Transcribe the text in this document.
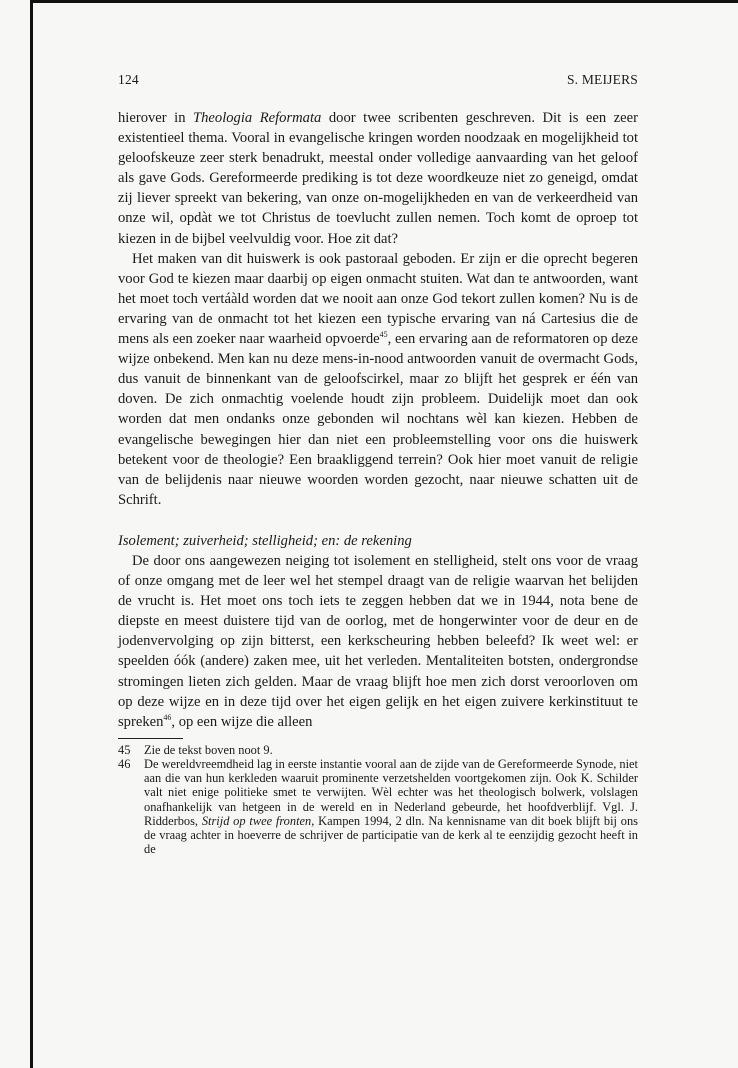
124	S. MEIJERS

hierover in Theologia Reformata door twee scribenten geschreven. Dit is een zeer existentieel thema. Vooral in evangelische kringen worden noodzaak en mogelijkheid tot geloofskeuze zeer sterk benadrukt, meestal onder volledige aanvaarding van het geloof als gave Gods. Gereformeerde prediking is tot deze woordkeuze niet zo geneigd, omdat zij liever spreekt van bekering, van onze on-mogelijkheden en van de verkeerdheid van onze wil, opdàt we tot Christus de toevlucht zullen nemen. Toch komt de oproep tot kiezen in de bijbel veelvuldig voor. Hoe zit dat?

Het maken van dit huiswerk is ook pastoraal geboden. Er zijn er die oprecht begeren voor God te kiezen maar daarbij op eigen onmacht stuiten. Wat dan te antwoorden, want het moet toch vertáàld worden dat we nooit aan onze God tekort zullen komen? Nu is de ervaring van de onmacht tot het kiezen een typische ervaring van ná Cartesius die de mens als een zoeker naar waarheid opvoerde$^{45}$, een ervaring aan de reformatoren op deze wijze onbekend. Men kan nu deze mens-in-nood antwoorden vanuit de overmacht Gods, dus vanuit de binnenkant van de geloofscirkel, maar zo blijft het gesprek er één van doven. De zich onmachtig voelende houdt zijn probleem. Duidelijk moet dan ook worden dat men ondanks onze gebonden wil nochtans wèl kan kiezen. Hebben de evangelische bewegingen hier dan niet een probleemstelling voor ons die huiswerk betekent voor de theologie? Een braakliggend terrein? Ook hier moet vanuit de religie van de belijdenis naar nieuwe woorden worden gezocht, naar nieuwe schatten uit de Schrift.

Isolement; zuiverheid; stelligheid; en: de rekening

De door ons aangewezen neiging tot isolement en stelligheid, stelt ons voor de vraag of onze omgang met de leer wel het stempel draagt van de religie waarvan het belijden de vrucht is. Het moet ons toch iets te zeggen hebben dat we in 1944, nota bene de diepste en meest duistere tijd van de oorlog, met de hongerwinter voor de deur en de jodenvervolging op zijn bitterst, een kerkscheuring hebben beleefd? Ik weet wel: er speelden óók (andere) zaken mee, uit het verleden. Mentaliteiten botsten, ondergrondse stromingen lieten zich gelden. Maar de vraag blijft hoe men zich dorst veroorloven om op deze wijze en in deze tijd over het eigen gelijk en het eigen zuivere kerkinstituut te spreken$^{46}$, op een wijze die alleen

45	Zie de tekst boven noot 9.
46	De wereldvreemdheid lag in eerste instantie vooral aan de zijde van de Gereformeerde Synode, niet aan die van hun kerkleden waaruit prominente verzetshelden voortgekomen zijn. Ook K. Schilder valt niet enige politieke smet te verwijten. Wèl echter was het theologisch bolwerk, volslagen onafhankelijk van hetgeen in de wereld en in Nederland gebeurde, het hoofdverblijf. Vgl. J. Ridderbos, Strijd op twee fronten, Kampen 1994, 2 dln. Na kennisname van dit boek blijft bij ons de vraag achter in hoeverre de schrijver de participatie van de kerk al te eenzijdig gezocht heeft in de
